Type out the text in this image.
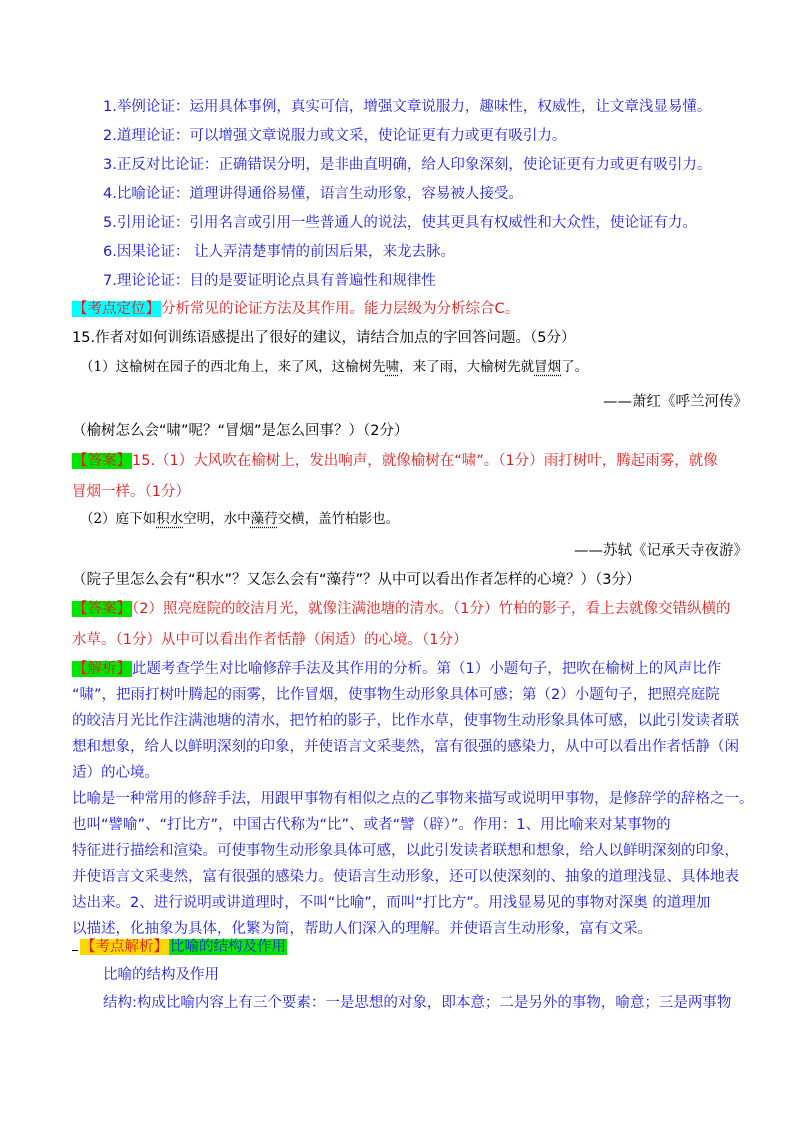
1.举例论证：运用具体事例，真实可信，增强文章说服力，趣味性，权威性，让文章浅显易懂。
2.道理论证：可以增强文章说服力或文采，使论证更有力或更有吸引力。
3.正反对比论证：正确错误分明，是非曲直明确，给人印象深刻，使论证更有力或更有吸引力。
4.比喻论证：道理讲得通俗易懂，语言生动形象，容易被人接受。
5.引用论证：引用名言或引用一些普通人的说法，使其更具有权威性和大众性，使论证有力。
6.因果论证： 让人弄清楚事情的前因后果，来龙去脉。
7.理论论证：目的是要证明论点具有普遍性和规律性
【考点定位】分析常见的论证方法及其作用。能力层级为分析综合C。
15.作者对如何训练语感提出了很好的建议，请结合加点的字回答问题。（5分）
（1）这榆树在园子的西北角上，来了风，这榆树先啸，来了雨，大榆树先就冒烟了。
——萧红《呼兰河传》
（榆树怎么会“啸”呢？“冒烟”是怎么回事？）（2分）
【答案】15.（1）大风吹在榆树上，发出响声，就像榆树在“啸”。（1分）雨打树叶，腾起雨雾，就像
冒烟一样。（1分）
（2）庭下如积水空明，水中藻荇交横，盖竹柏影也。
——苏轼《记承天寺夜游》
（院子里怎么会有“积水”？又怎么会有“藻荇”？从中可以看出作者怎样的心境？）（3分）
【答案】（2）照亮庭院的皎洁月光，就像注满池塘的清水。（1分）竹柏的影子，看上去就像交错纵横的
水草。（1分）从中可以看出作者恬静（闲适）的心境。（1分）
【解析】此题考查学生对比喻修辞手法及其作用的分析。第（1）小题句子，把吹在榆树上的风声比作
“啸”，把雨打树叶腾起的雨雾，比作冒烟，使事物生动形象具体可感；第（2）小题句子，把照亮庭院
的皎洁月光比作注满池塘的清水，把竹柏的影子，比作水草，使事物生动形象具体可感，以此引发读者联
想和想象，给人以鲜明深刻的印象，并使语言文采斐然，富有很强的感染力，从中可以看出作者恬静（闲
适）的心境。
比喻是一种常用的修辞手法，用跟甲事物有相似之点的乙事物来描写或说明甲事物，是修辞学的辞格之一。
也叫“譬喻”、“打比方”，中国古代称为“比”、或者“譬（辟）”。作用：1、用比喻来对某事物的
特征进行描绘和渲染。可使事物生动形象具体可感，以此引发读者联想和想象，给人以鲜明深刻的印象，
并使语言文采斐然，富有很强的感染力。使语言生动形象，还可以使深刻的、抽象的道理浅显、具体地表
达出来。2、进行说明或讲道理时，不叫“比喻”，而叫“打比方”。用浅显易见的事物对深奥 的道理加
以描述，化抽象为具体，化繁为简，帮助人们深入的理解。并使语言生动形象，富有文采。
【考点解析】 比喻的结构及作用
比喻的结构及作用
结构:构成比喻内容上有三个要素：一是思想的对象，即本意；二是另外的事物，喻意；三是两事物
